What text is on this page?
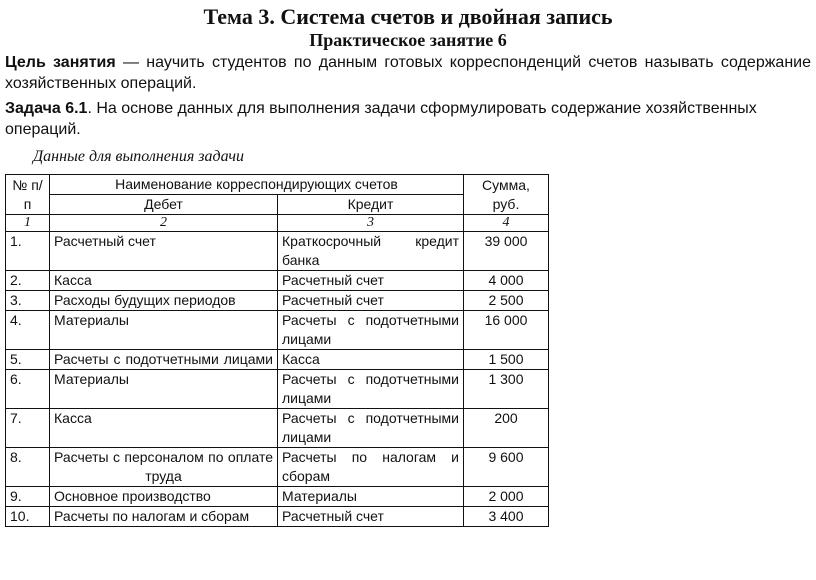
Тема 3. Система счетов и двойная запись
Практическое занятие 6
Цель занятия — научить студентов по данным готовых корреспонденций счетов называть содержание хозяйственных операций.
Задача 6.1. На основе данных для выполнения задачи сформулировать содержание хозяйственных операций.
Данные для выполнения задачи
№ п/п	Наименование корреспондирующих счетов		Сумма, руб.
	Дебет	Кредит	
1	2	3	4
1.	Расчетный счет	Краткосрочный кредит банка	39 000
2.	Касса	Расчетный счет	4 000
3.	Расходы будущих периодов	Расчетный счет	2 500
4.	Материалы	Расчеты с подотчетными лицами	16 000
5.	Расчеты с подотчетными лицами	Касса	1 500
6.	Материалы	Расчеты с подотчетными лицами	1 300
7.	Касса	Расчеты с подотчетными лицами	200
8.	Расчеты с персоналом по оплате труда	Расчеты по налогам и сборам	9 600
9.	Основное производство	Материалы	2 000
10.	Расчеты по налогам и сборам	Расчетный счет	3 400
